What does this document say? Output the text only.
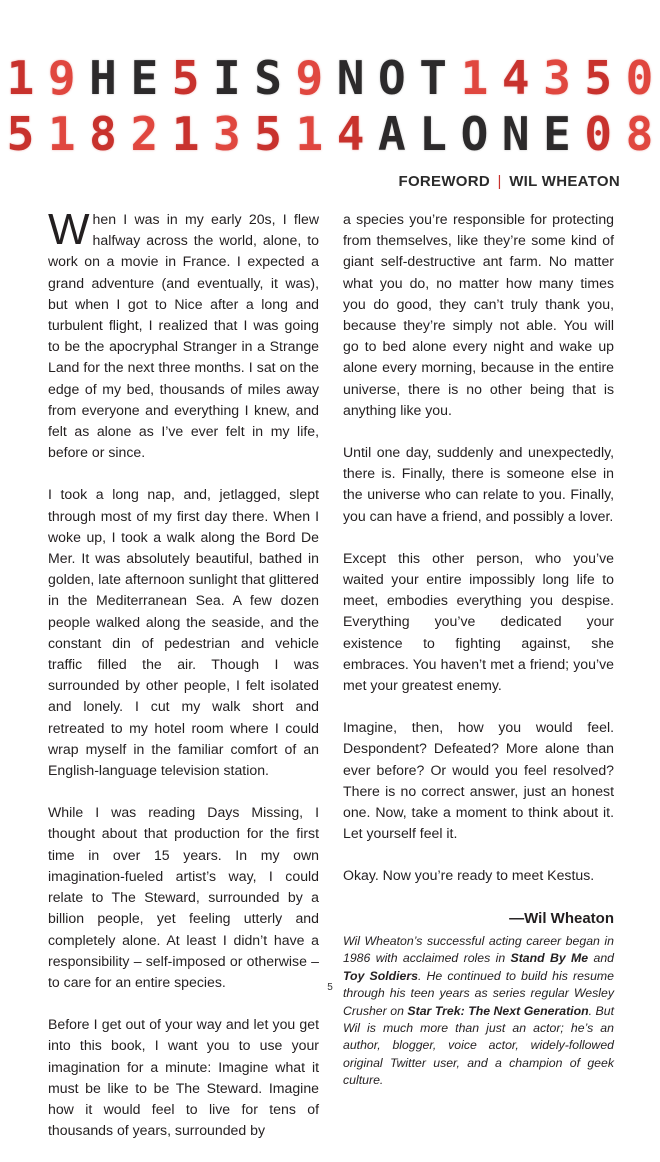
1 9 H E 5 I S 9 N O T 1 4 3 5 0
5 1 8 2 1 3 5 1 4 A L O N E 0 8
FOREWORD | WIL WHEATON

When I was in my early 20s, I flew halfway across the world, alone, to work on a movie in France. I expected a grand adventure (and eventually, it was), but when I got to Nice after a long and turbulent flight, I realized that I was going to be the apocryphal Stranger in a Strange Land for the next three months. I sat on the edge of my bed, thousands of miles away from everyone and everything I knew, and felt as alone as I’ve ever felt in my life, before or since.

I took a long nap, and, jetlagged, slept through most of my first day there. When I woke up, I took a walk along the Bord De Mer. It was absolutely beautiful, bathed in golden, late afternoon sunlight that glittered in the Mediterranean Sea. A few dozen people walked along the seaside, and the constant din of pedestrian and vehicle traffic filled the air. Though I was surrounded by other people, I felt isolated and lonely. I cut my walk short and retreated to my hotel room where I could wrap myself in the familiar comfort of an English-language television station.

While I was reading Days Missing, I thought about that production for the first time in over 15 years. In my own imagination-fueled artist’s way, I could relate to The Steward, surrounded by a billion people, yet feeling utterly and completely alone. At least I didn’t have a responsibility – self-imposed or otherwise – to care for an entire species.

Before I get out of your way and let you get into this book, I want you to use your imagination for a minute: Imagine what it must be like to be The Steward. Imagine how it would feel to live for tens of thousands of years, surrounded by

a species you’re responsible for protecting from themselves, like they’re some kind of giant self-destructive ant farm. No matter what you do, no matter how many times you do good, they can’t truly thank you, because they’re simply not able. You will go to bed alone every night and wake up alone every morning, because in the entire universe, there is no other being that is anything like you.

Until one day, suddenly and unexpectedly, there is. Finally, there is someone else in the universe who can relate to you. Finally, you can have a friend, and possibly a lover.

Except this other person, who you’ve waited your entire impossibly long life to meet, embodies everything you despise. Everything you’ve dedicated your existence to fighting against, she embraces. You haven’t met a friend; you’ve met your greatest enemy.

Imagine, then, how you would feel. Despondent? Defeated? More alone than ever before? Or would you feel resolved? There is no correct answer, just an honest one. Now, take a moment to think about it. Let yourself feel it.

Okay. Now you’re ready to meet Kestus.

—Wil Wheaton
Wil Wheaton’s successful acting career began in 1986 with acclaimed roles in Stand By Me and Toy Soldiers. He continued to build his resume through his teen years as series regular Wesley Crusher on Star Trek: The Next Generation. But Wil is much more than just an actor; he’s an author, blogger, voice actor, widely-followed original Twitter user, and a champion of geek culture.
5
